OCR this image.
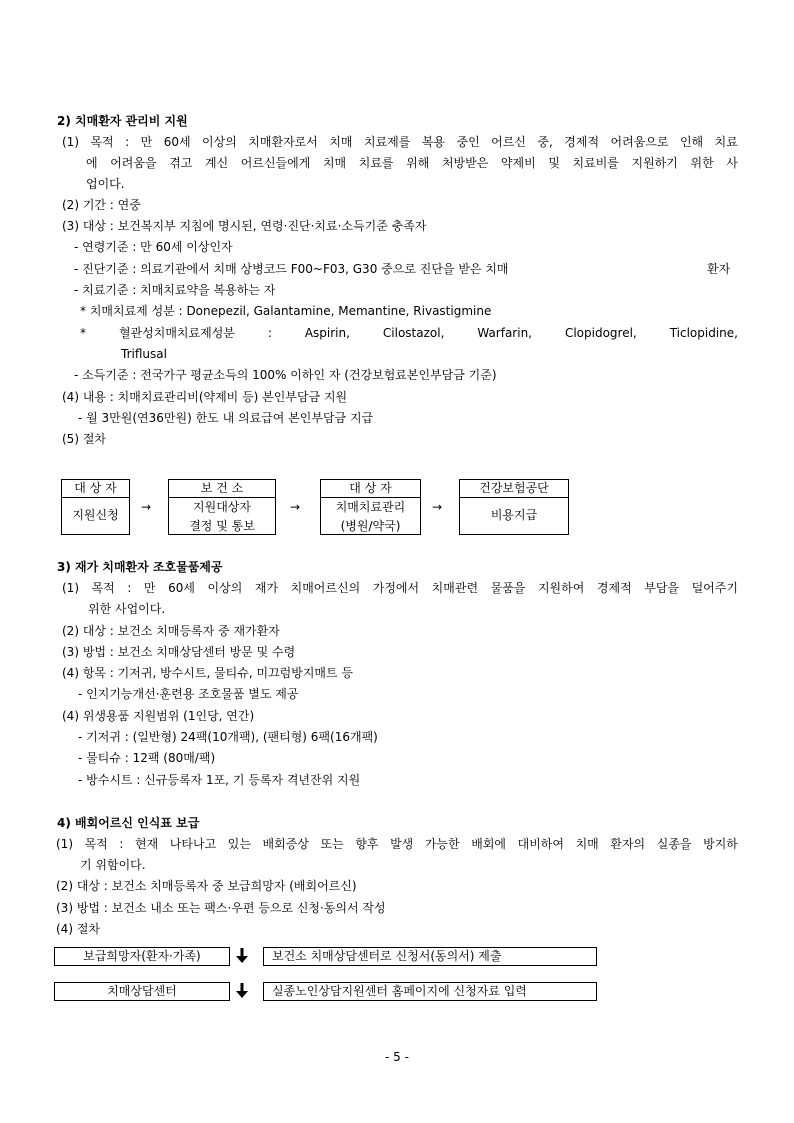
2) 치매환자 관리비 지원
(1) 목적 : 만 60세 이상의 치매환자로서 치매 치료제를 복용 중인 어르신 중, 경제적 어려움으로 인해 치료
에 어려움을 겪고 계신 어르신들에게 치매 치료를 위해 처방받은 약제비 및 치료비를 지원하기 위한 사
업이다.
(2) 기간 : 연중
(3) 대상 : 보건복지부 지침에 명시된, 연령·진단·치료·소득기준 충족자
- 연령기준 : 만 60세 이상인자
- 진단기준 : 의료기관에서 치매 상병코드 F00~F03, G30 중으로 진단을 받은 치매	환자
- 치료기준 : 치매치료약을 복용하는 자
* 치매치료제 성분 : Donepezil, Galantamine, Memantine, Rivastigmine
*	혈관성치매치료제성분	:	Aspirin,	Cilostazol,	Warfarin,	Clopidogrel,	Ticlopidine,
Triflusal
- 소득기준 : 전국가구 평균소득의 100% 이하인 자 (건강보험료본인부담금 기준)
(4) 내용 : 치매치료관리비(약제비 등) 본인부담금 지원
- 월 3만원(연36만원) 한도 내 의료급여 본인부담금 지급
(5) 절차
대 상 자
지원신청
→
보 건 소
지원대상자
결정 및 통보
→
대 상 자
치매치료관리
(병원/약국)
→
건강보험공단
비용지급
3) 재가 치매환자 조호물품제공
(1) 목적 : 만 60세 이상의 재가 치매어르신의 가정에서 치매관련 물품을 지원하여 경제적 부담을 덜어주기
위한 사업이다.
(2) 대상 : 보건소 치매등록자 중 재가환자
(3) 방법 : 보건소 치매상담센터 방문 및 수령
(4) 항목 : 기저귀, 방수시트, 물티슈, 미끄럼방지매트 등
- 인지기능개선·훈련용 조호물품 별도 제공
(4) 위생용품 지원범위 (1인당, 연간)
- 기저귀 : (일반형) 24팩(10개팩), (팬티형) 6팩(16개팩)
- 물티슈 : 12팩 (80매/팩)
- 방수시트 : 신규등록자 1포, 기 등록자 격년잔위 지원
4) 배회어르신 인식표 보급
(1) 목적 : 현재 나타나고 있는 배회증상 또는 향후 발생 가능한 배회에 대비하여 치매 환자의 실종을 방지하
기 위함이다.
(2) 대상 : 보건소 치매등록자 중 보급희망자 (배회어르신)
(3) 방법 : 보건소 내소 또는 팩스·우편 등으로 신청·동의서 작성
(4) 절차
보급희망자(환자·가족)	보건소 치매상담센터로 신청서(동의서) 제출
치매상담센터	실종노인상담지원센터 홈페이지에 신청자료 입력
- 5 -
